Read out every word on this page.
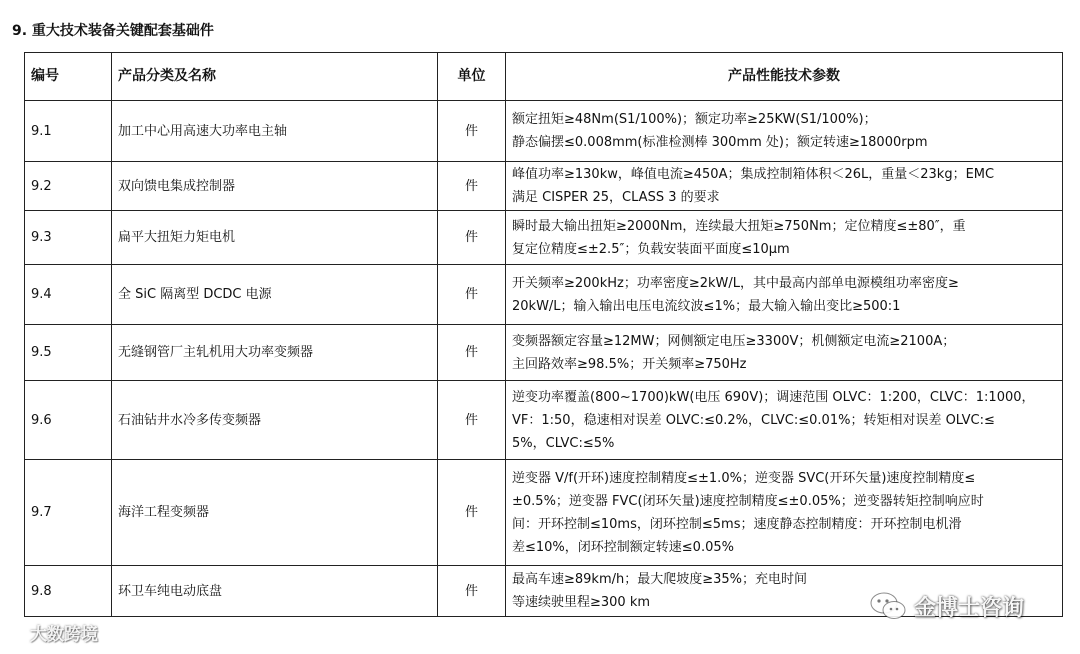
9. 重大技术装备关键配套基础件
编号	产品分类及名称	单位	产品性能技术参数
9.1	加工中心用高速大功率电主轴	件	额定扭矩≥48Nm(S1/100%)；额定功率≥25KW(S1/100%)；
静态偏摆≤0.008mm(标准检测棒 300mm 处)；额定转速≥18000rpm

9.2	双向馈电集成控制器	件	峰值功率≥130kw，峰值电流≥450A；集成控制箱体积＜26L，重量＜23kg；EMC
满足 CISPER 25，CLASS 3 的要求

9.3	扁平大扭矩力矩电机	件	瞬时最大输出扭矩≥2000Nm，连续最大扭矩≥750Nm；定位精度≤±80″，重
复定位精度≤±2.5″；负载安装面平面度≤10μm

9.4	全 SiC 隔离型 DCDC 电源	件	开关频率≥200kHz；功率密度≥2kW/L，其中最高内部单电源模组功率密度≥
20kW/L；输入输出电压电流纹波≤1%；最大输入输出变比≥500:1

9.5	无缝钢管厂主轧机用大功率变频器	件	变频器额定容量≥12MW；网侧额定电压≥3300V；机侧额定电流≥2100A；
主回路效率≥98.5%；开关频率≥750Hz

9.6	石油钻井水冷多传变频器	件	逆变功率覆盖(800~1700)kW(电压 690V)；调速范围 OLVC：1:200，CLVC：1:1000，
VF：1:50，稳速相对误差 OLVC:≤0.2%，CLVC:≤0.01%；转矩相对误差 OLVC:≤
5%，CLVC:≤5%

9.7	海洋工程变频器	件	逆变器 V/f(开环)速度控制精度≤±1.0%；逆变器 SVC(开环矢量)速度控制精度≤
±0.5%；逆变器 FVC(闭环矢量)速度控制精度≤±0.05%；逆变器转矩控制响应时
间：开环控制≤10ms，闭环控制≤5ms；速度静态控制精度：开环控制电机滑
差≤10%，闭环控制额定转速≤0.05%

9.8	环卫车纯电动底盘	件	最高车速≥89km/h；最大爬坡度≥35%；充电时间
等速续驶里程≥300 km
大数跨境
金博士咨询
